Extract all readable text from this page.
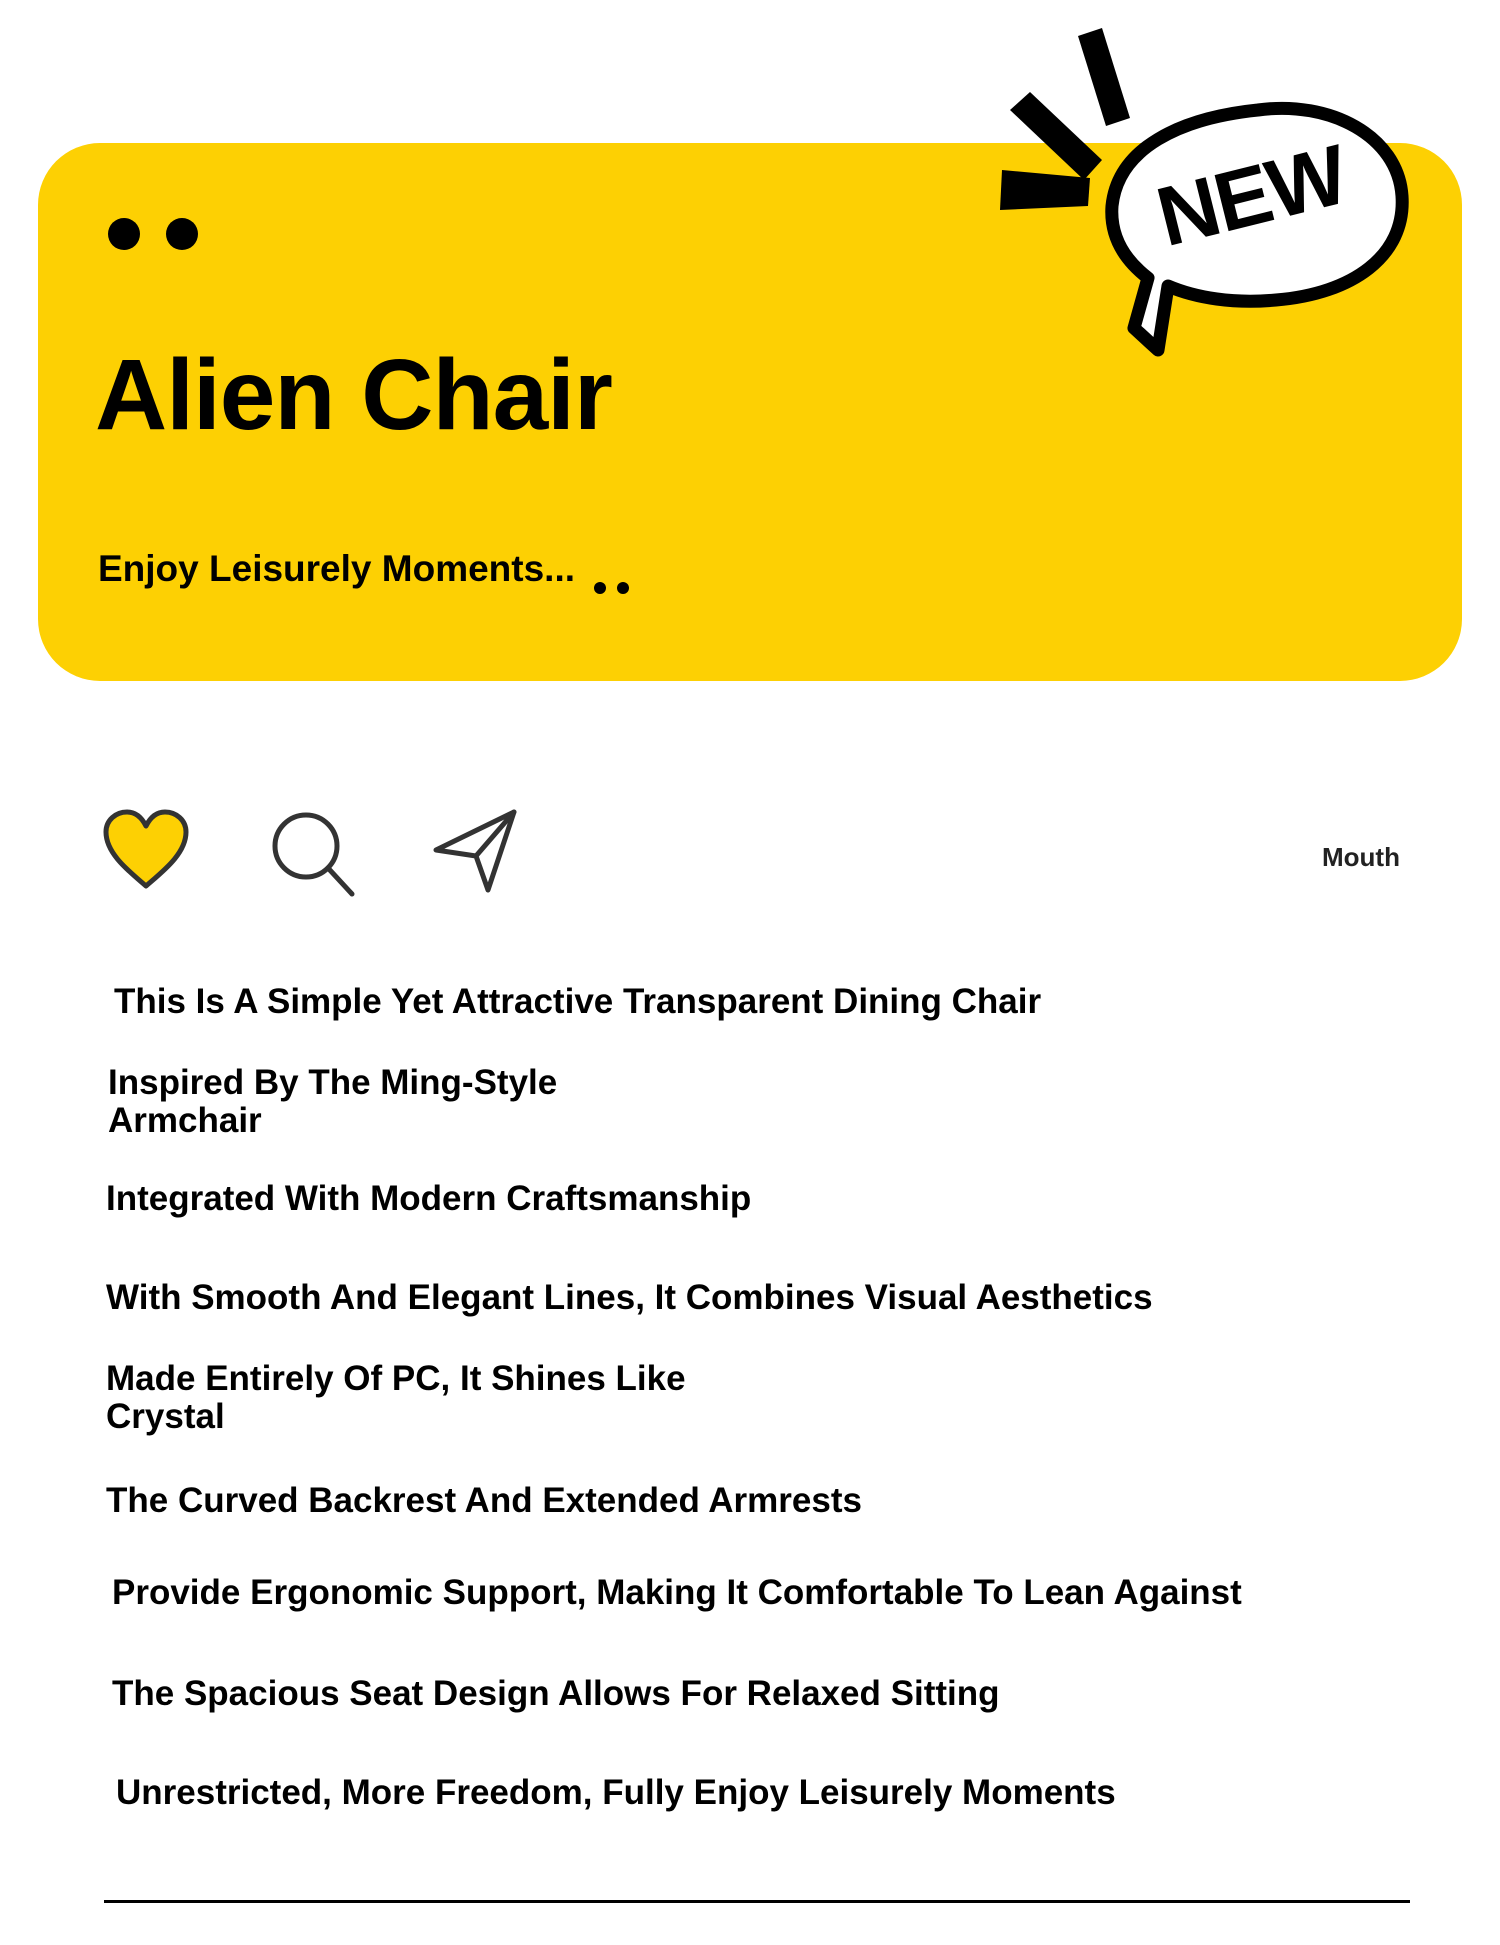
Alien Chair
Enjoy Leisurely Moments...
NEW
Mouth
This Is A Simple Yet Attractive Transparent Dining Chair
Inspired By The Ming-Style
Armchair
Integrated With Modern Craftsmanship
With Smooth And Elegant Lines, It Combines Visual Aesthetics
Made Entirely Of PC, It Shines Like
Crystal
The Curved Backrest And Extended Armrests
Provide Ergonomic Support, Making It Comfortable To Lean Against
The Spacious Seat Design Allows For Relaxed Sitting
Unrestricted, More Freedom, Fully Enjoy Leisurely Moments
